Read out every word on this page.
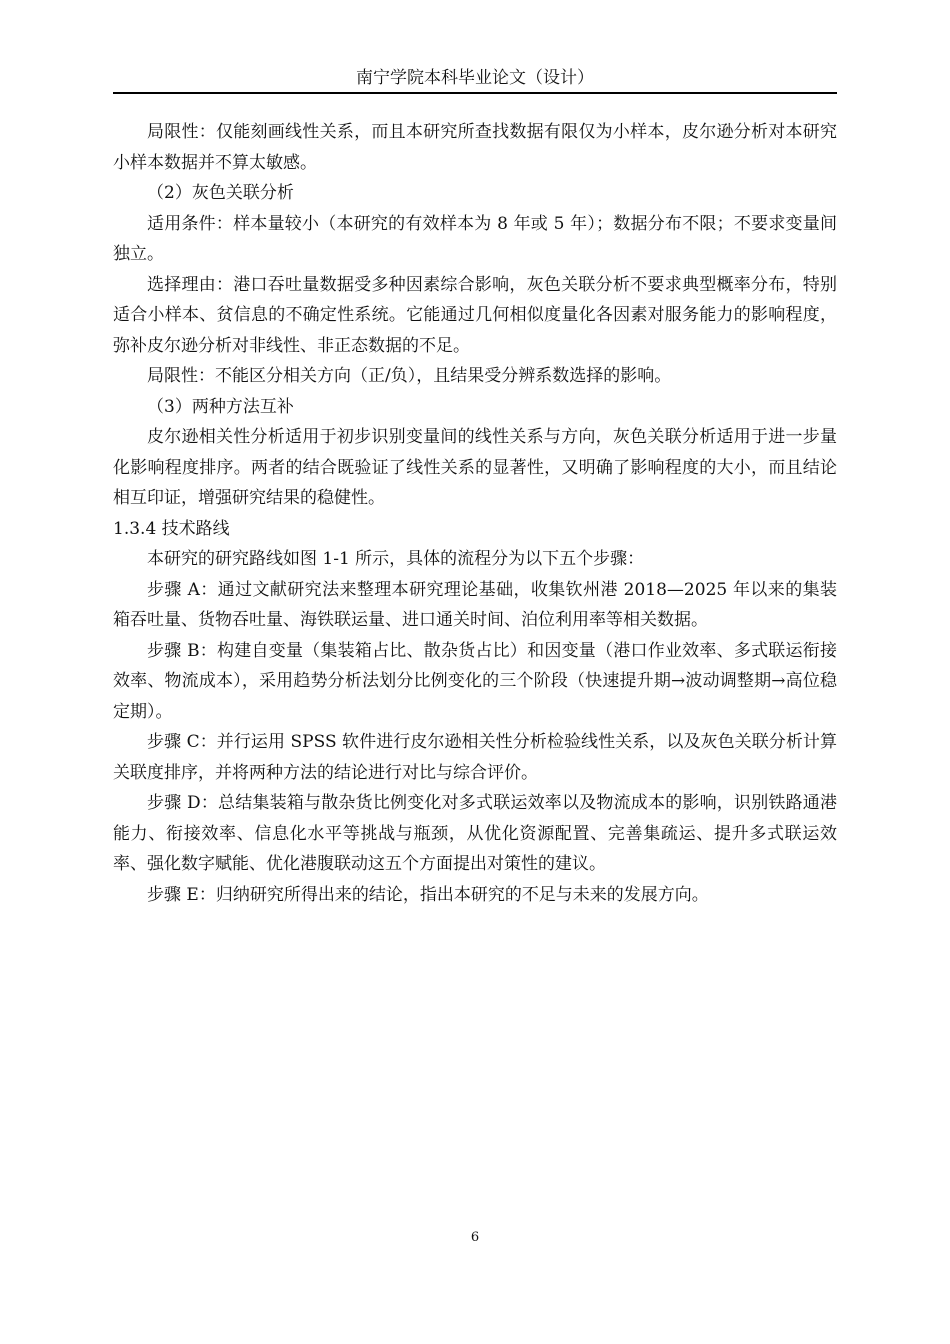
南宁学院本科毕业论文（设计）

局限性：仅能刻画线性关系，而且本研究所查找数据有限仅为小样本，皮尔逊分析对本研究小样本数据并不算太敏感。

（2）灰色关联分析

适用条件：样本量较小（本研究的有效样本为 8 年或 5 年）；数据分布不限；不要求变量间独立。

选择理由：港口吞吐量数据受多种因素综合影响，灰色关联分析不要求典型概率分布，特别适合小样本、贫信息的不确定性系统。它能通过几何相似度量化各因素对服务能力的影响程度，弥补皮尔逊分析对非线性、非正态数据的不足。

局限性：不能区分相关方向（正/负），且结果受分辨系数选择的影响。

（3）两种方法互补

皮尔逊相关性分析适用于初步识别变量间的线性关系与方向，灰色关联分析适用于进一步量化影响程度排序。两者的结合既验证了线性关系的显著性，又明确了影响程度的大小，而且结论相互印证，增强研究结果的稳健性。

1.3.4 技术路线

本研究的研究路线如图 1-1 所示，具体的流程分为以下五个步骤：

步骤 A：通过文献研究法来整理本研究理论基础，收集钦州港 2018—2025 年以来的集装箱吞吐量、货物吞吐量、海铁联运量、进口通关时间、泊位利用率等相关数据。

步骤 B：构建自变量（集装箱占比、散杂货占比）和因变量（港口作业效率、多式联运衔接效率、物流成本），采用趋势分析法划分比例变化的三个阶段（快速提升期→波动调整期→高位稳定期）。

步骤 C：并行运用 SPSS 软件进行皮尔逊相关性分析检验线性关系，以及灰色关联分析计算关联度排序，并将两种方法的结论进行对比与综合评价。

步骤 D：总结集装箱与散杂货比例变化对多式联运效率以及物流成本的影响，识别铁路通港能力、衔接效率、信息化水平等挑战与瓶颈，从优化资源配置、完善集疏运、提升多式联运效率、强化数字赋能、优化港腹联动这五个方面提出对策性的建议。

步骤 E：归纳研究所得出来的结论，指出本研究的不足与未来的发展方向。

6
